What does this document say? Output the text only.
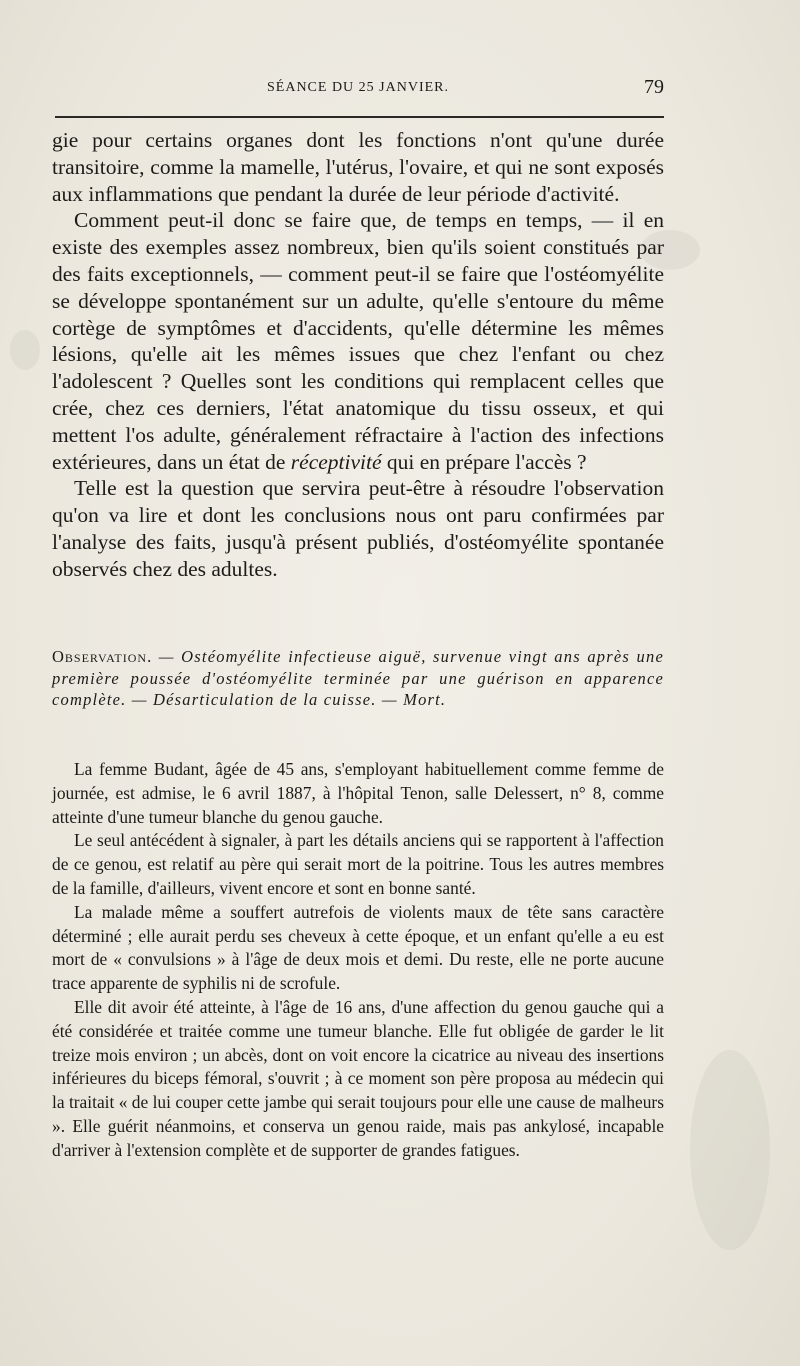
SÉANCE DU 25 JANVIER.	79

gie pour certains organes dont les fonctions n'ont qu'une durée transitoire, comme la mamelle, l'utérus, l'ovaire, et qui ne sont exposés aux inflammations que pendant la durée de leur période d'activité.

Comment peut-il donc se faire que, de temps en temps, — il en existe des exemples assez nombreux, bien qu'ils soient constitués par des faits exceptionnels, — comment peut-il se faire que l'ostéomyélite se développe spontanément sur un adulte, qu'elle s'entoure du même cortège de symptômes et d'accidents, qu'elle détermine les mêmes lésions, qu'elle ait les mêmes issues que chez l'enfant ou chez l'adolescent ? Quelles sont les conditions qui remplacent celles que crée, chez ces derniers, l'état anatomique du tissu osseux, et qui mettent l'os adulte, généralement réfractaire à l'action des infections extérieures, dans un état de réceptivité qui en prépare l'accès ?

Telle est la question que servira peut-être à résoudre l'observation qu'on va lire et dont les conclusions nous ont paru confirmées par l'analyse des faits, jusqu'à présent publiés, d'ostéomyélite spontanée observés chez des adultes.

Observation. — Ostéomyélite infectieuse aiguë, survenue vingt ans après une première poussée d'ostéomyélite terminée par une guérison en apparence complète. — Désarticulation de la cuisse. — Mort.

La femme Budant, âgée de 45 ans, s'employant habituellement comme femme de journée, est admise, le 6 avril 1887, à l'hôpital Tenon, salle Delessert, n° 8, comme atteinte d'une tumeur blanche du genou gauche.

Le seul antécédent à signaler, à part les détails anciens qui se rapportent à l'affection de ce genou, est relatif au père qui serait mort de la poitrine. Tous les autres membres de la famille, d'ailleurs, vivent encore et sont en bonne santé.

La malade même a souffert autrefois de violents maux de tête sans caractère déterminé ; elle aurait perdu ses cheveux à cette époque, et un enfant qu'elle a eu est mort de « convulsions » à l'âge de deux mois et demi. Du reste, elle ne porte aucune trace apparente de syphilis ni de scrofule.

Elle dit avoir été atteinte, à l'âge de 16 ans, d'une affection du genou gauche qui a été considérée et traitée comme une tumeur blanche. Elle fut obligée de garder le lit treize mois environ ; un abcès, dont on voit encore la cicatrice au niveau des insertions inférieures du biceps fémoral, s'ouvrit ; à ce moment son père proposa au médecin qui la traitait « de lui couper cette jambe qui serait toujours pour elle une cause de malheurs ». Elle guérit néanmoins, et conserva un genou raide, mais pas ankylosé, incapable d'arriver à l'extension complète et de supporter de grandes fatigues.
